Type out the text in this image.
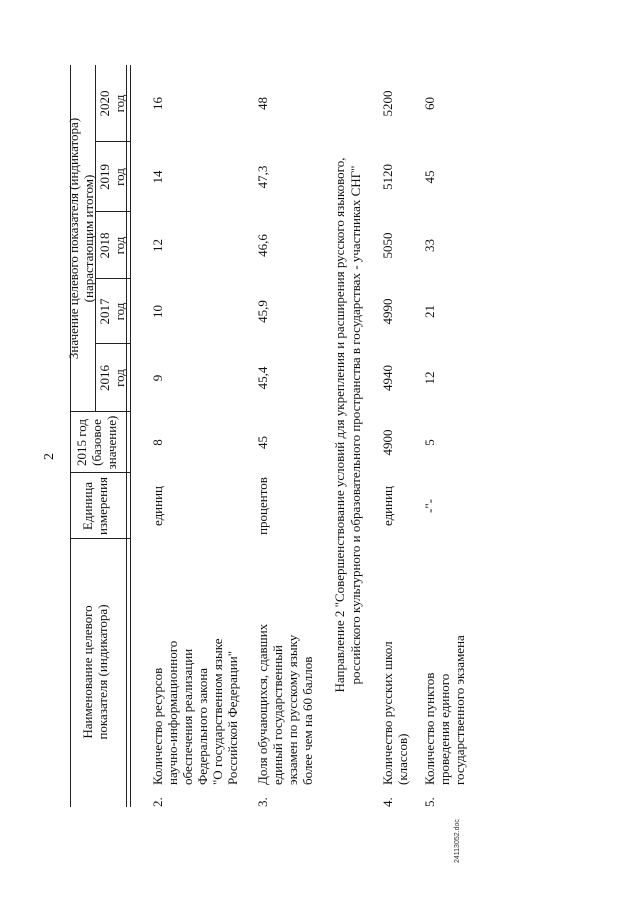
2
Наименование целевого
показателя (индикатора)
Единица
измерения
2015 год
(базовое
значение)
Значение целевого показателя (индикатора)
(нарастающим итогом)
2016
год
2017
год
2018
год
2019
год
2020
год
2.
Количество ресурсов
научно-информационного
обеспечения реализации
Федерального закона
"О государственном языке
Российской Федерации"
единиц
8
9
10
12
14
16
3.
Доля обучающихся, сдавших
единый государственный
экзамен по русскому языку
более чем на 60 баллов
процентов
45
45,4
45,9
46,6
47,3
48
Направление 2 "Совершенствование условий для укрепления и расширения русского языкового,
российского культурного и образовательного пространства в государствах - участниках СНГ"
4.
Количество русских школ
(классов)
единиц
4900
4940
4990
5050
5120
5200
5.
Количество пунктов
проведения единого
государственного экзамена
-"-
5
12
21
33
45
60
24113052.doc
